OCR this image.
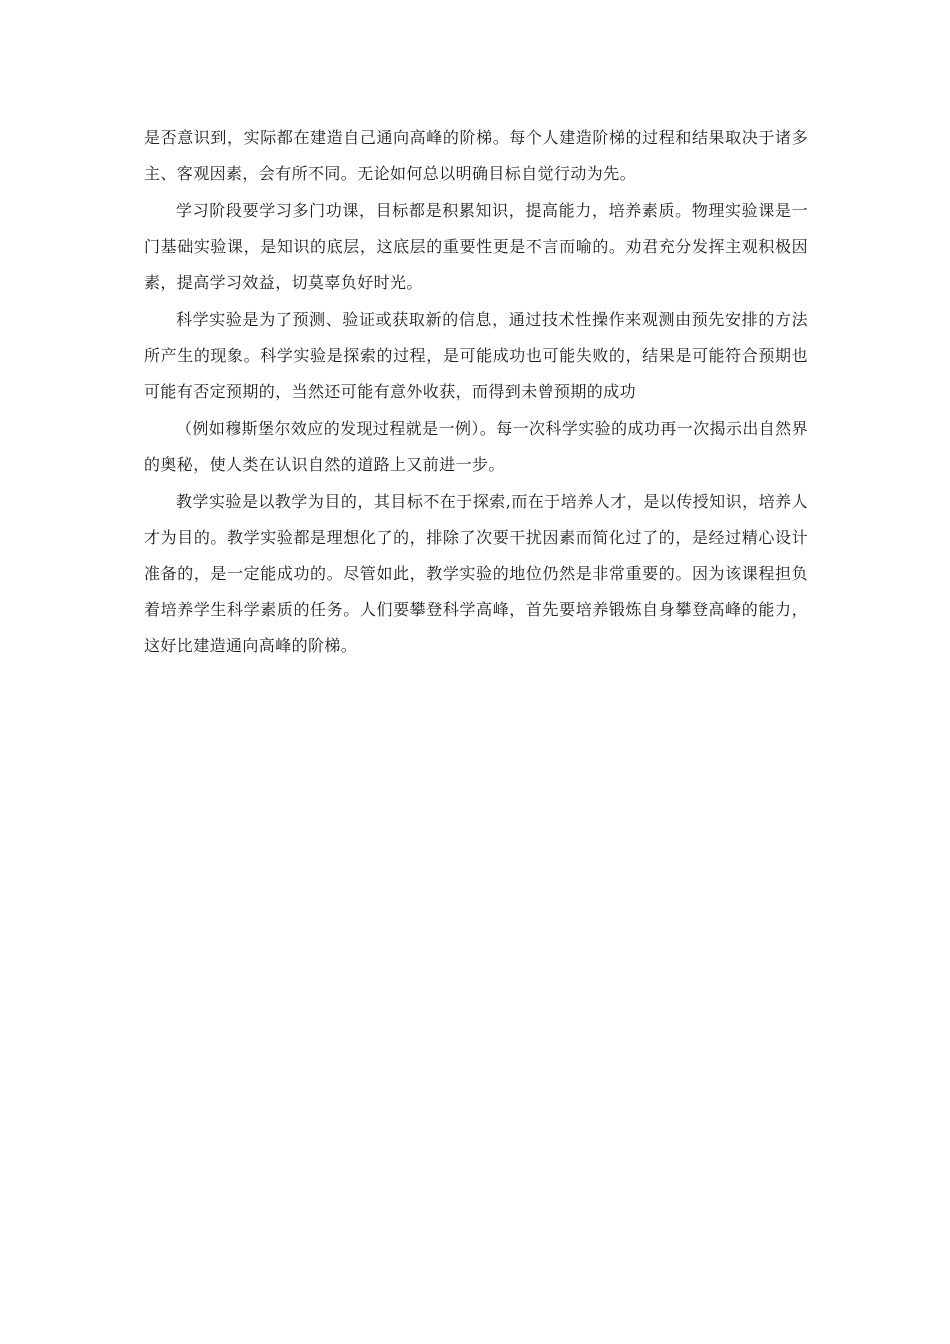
是否意识到，实际都在建造自己通向高峰的阶梯。每个人建造阶梯的过程和结果取决于诸多主、客观因素，会有所不同。无论如何总以明确目标自觉行动为先。

学习阶段要学习多门功课，目标都是积累知识，提高能力，培养素质。物理实验课是一门基础实验课，是知识的底层，这底层的重要性更是不言而喻的。劝君充分发挥主观积极因素，提高学习效益，切莫辜负好时光。

科学实验是为了预测、验证或获取新的信息，通过技术性操作来观测由预先安排的方法所产生的现象。科学实验是探索的过程，是可能成功也可能失败的，结果是可能符合预期也可能有否定预期的，当然还可能有意外收获，而得到未曾预期的成功

（例如穆斯堡尔效应的发现过程就是一例）。每一次科学实验的成功再一次揭示出自然界的奥秘，使人类在认识自然的道路上又前进一步。

教学实验是以教学为目的，其目标不在于探索,而在于培养人才，是以传授知识，培养人才为目的。教学实验都是理想化了的，排除了次要干扰因素而简化过了的，是经过精心设计准备的，是一定能成功的。尽管如此，教学实验的地位仍然是非常重要的。因为该课程担负着培养学生科学素质的任务。人们要攀登科学高峰，首先要培养锻炼自身攀登高峰的能力，这好比建造通向高峰的阶梯。
